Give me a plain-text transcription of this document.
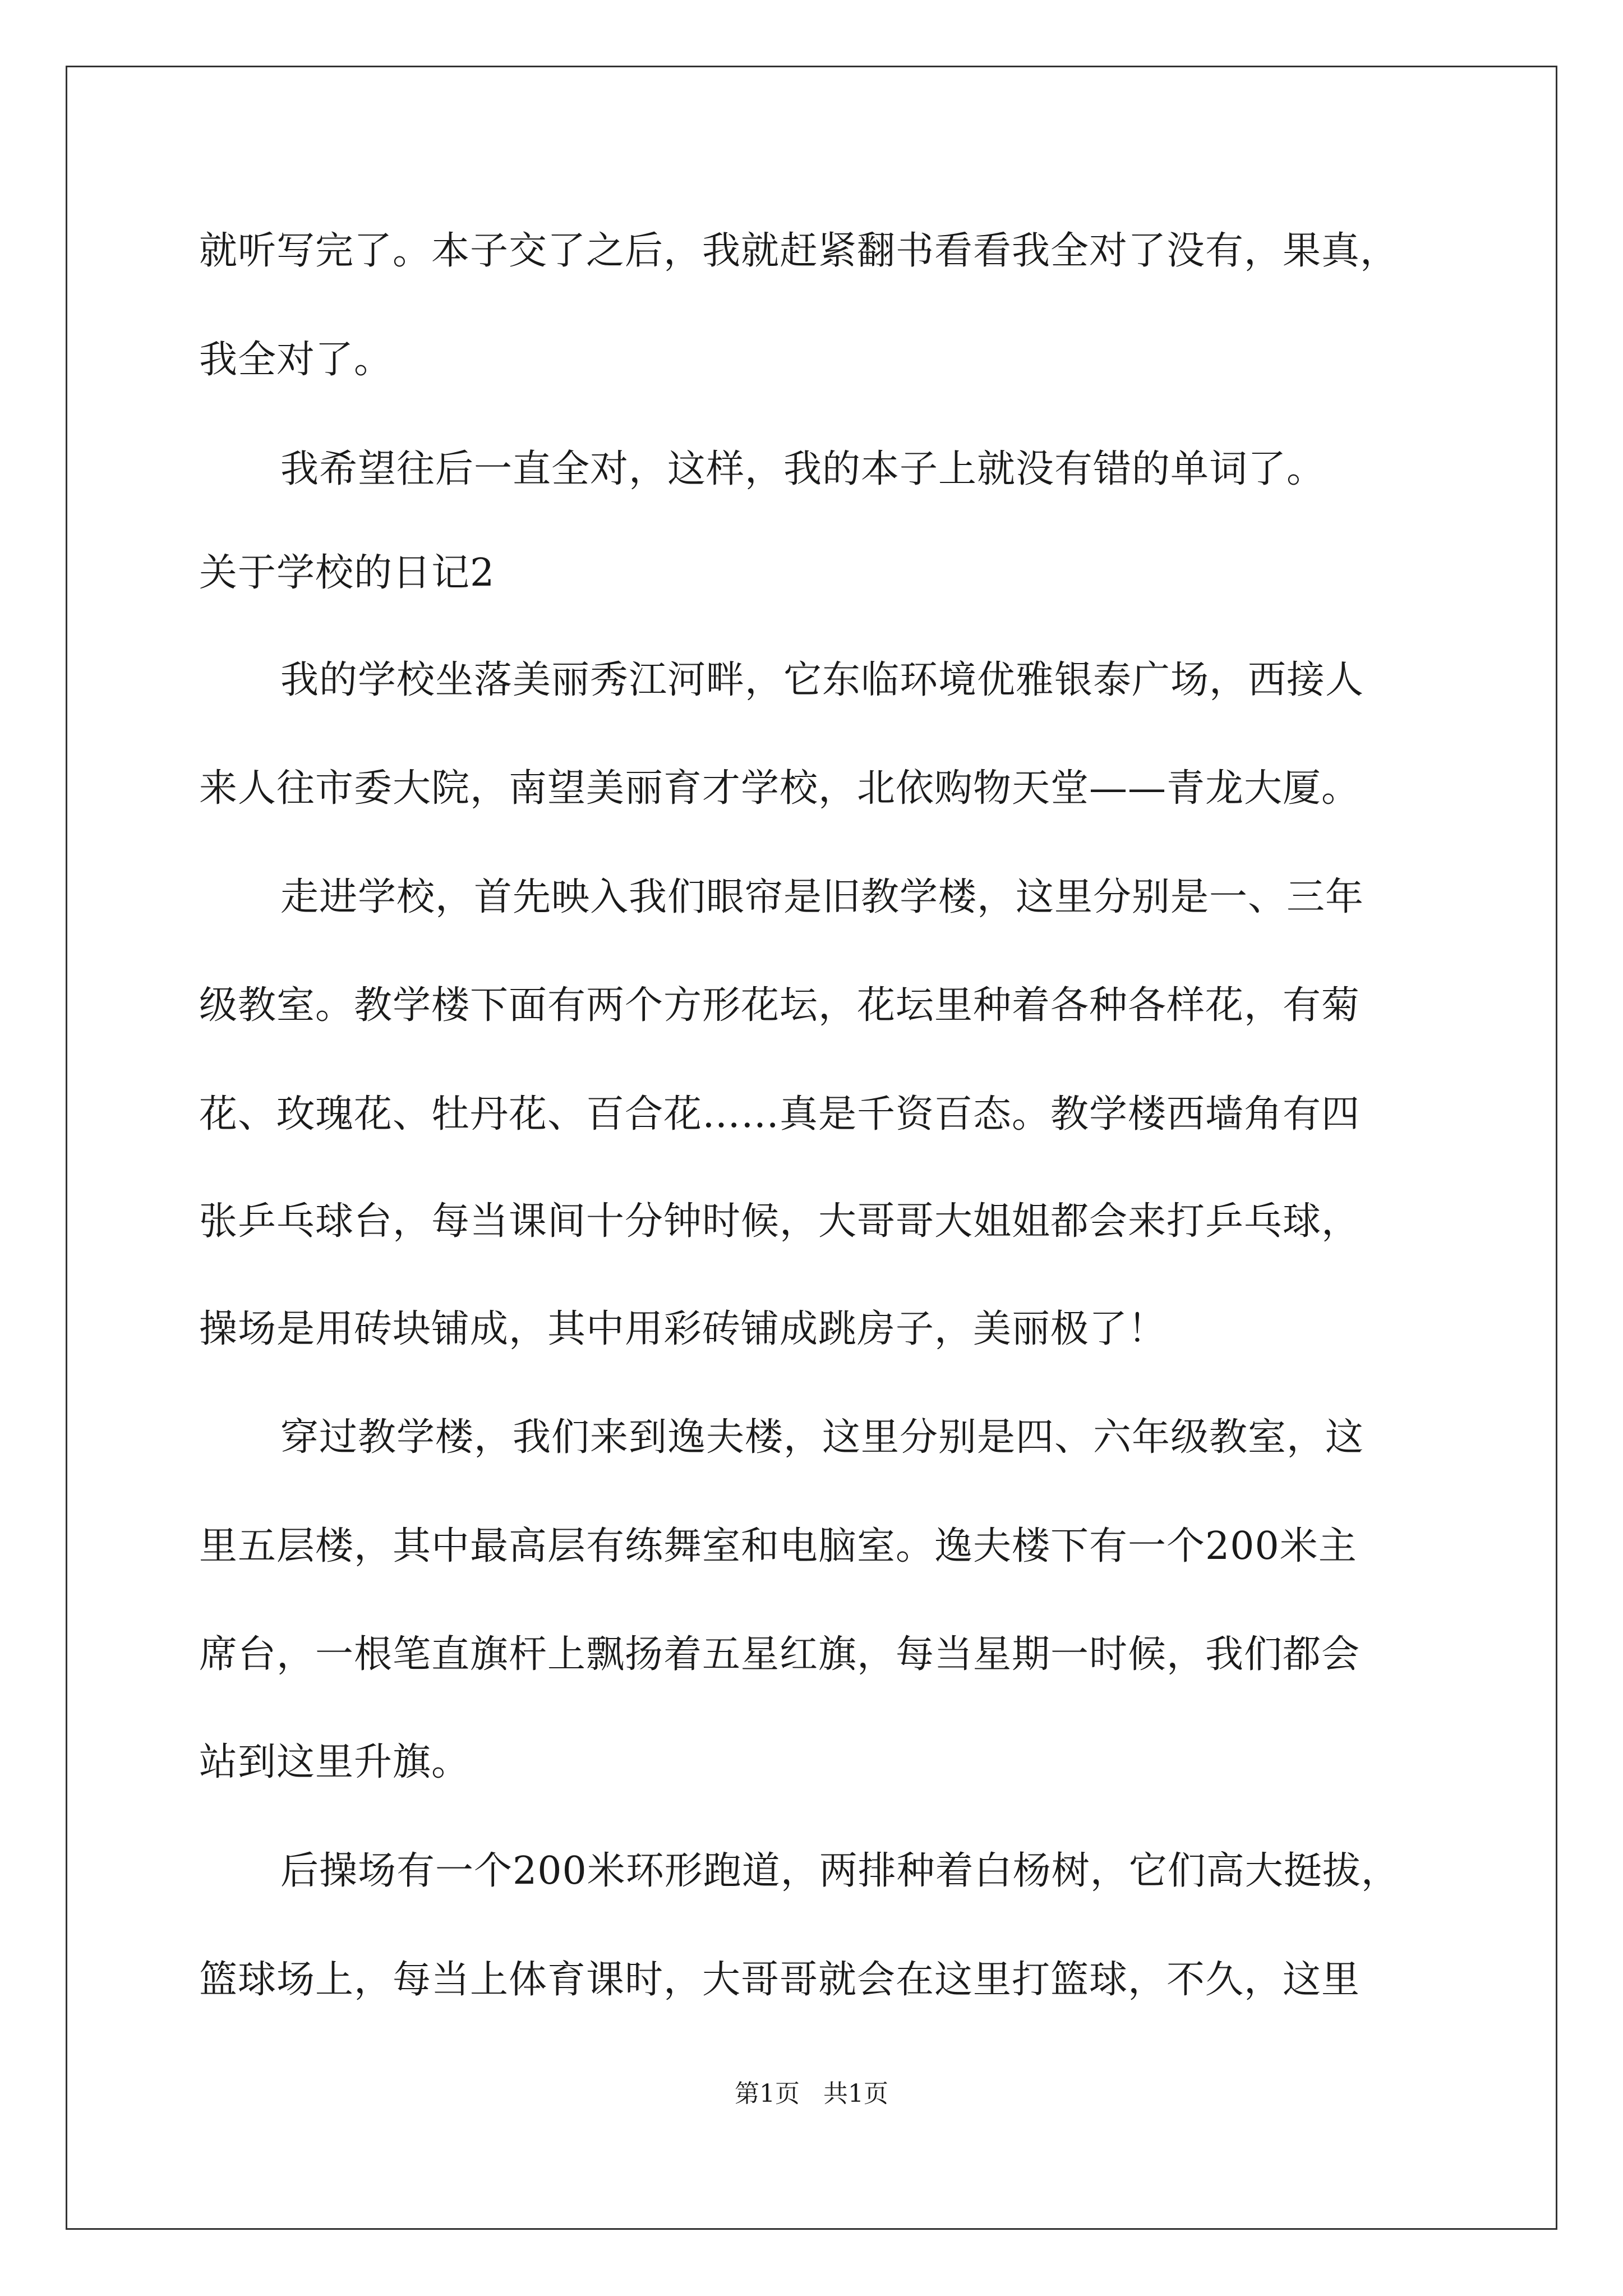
就听写完了。本子交了之后，我就赶紧翻书看看我全对了没有，果真，
我全对了。
我希望往后一直全对，这样，我的本子上就没有错的单词了。
关于学校的日记2
我的学校坐落美丽秀江河畔，它东临环境优雅银泰广场，西接人
来人往市委大院，南望美丽育才学校，北依购物天堂——青龙大厦。
走进学校，首先映入我们眼帘是旧教学楼，这里分别是一、三年
级教室。教学楼下面有两个方形花坛，花坛里种着各种各样花，有菊
花、玫瑰花、牡丹花、百合花……真是千资百态。教学楼西墙角有四
张乒乓球台，每当课间十分钟时候，大哥哥大姐姐都会来打乒乓球，
操场是用砖块铺成，其中用彩砖铺成跳房子，美丽极了！
穿过教学楼，我们来到逸夫楼，这里分别是四、六年级教室，这
里五层楼，其中最高层有练舞室和电脑室。逸夫楼下有一个200米主
席台，一根笔直旗杆上飘扬着五星红旗，每当星期一时候，我们都会
站到这里升旗。
后操场有一个200米环形跑道，两排种着白杨树，它们高大挺拔，
篮球场上，每当上体育课时，大哥哥就会在这里打篮球，不久，这里
第1页   共1页
